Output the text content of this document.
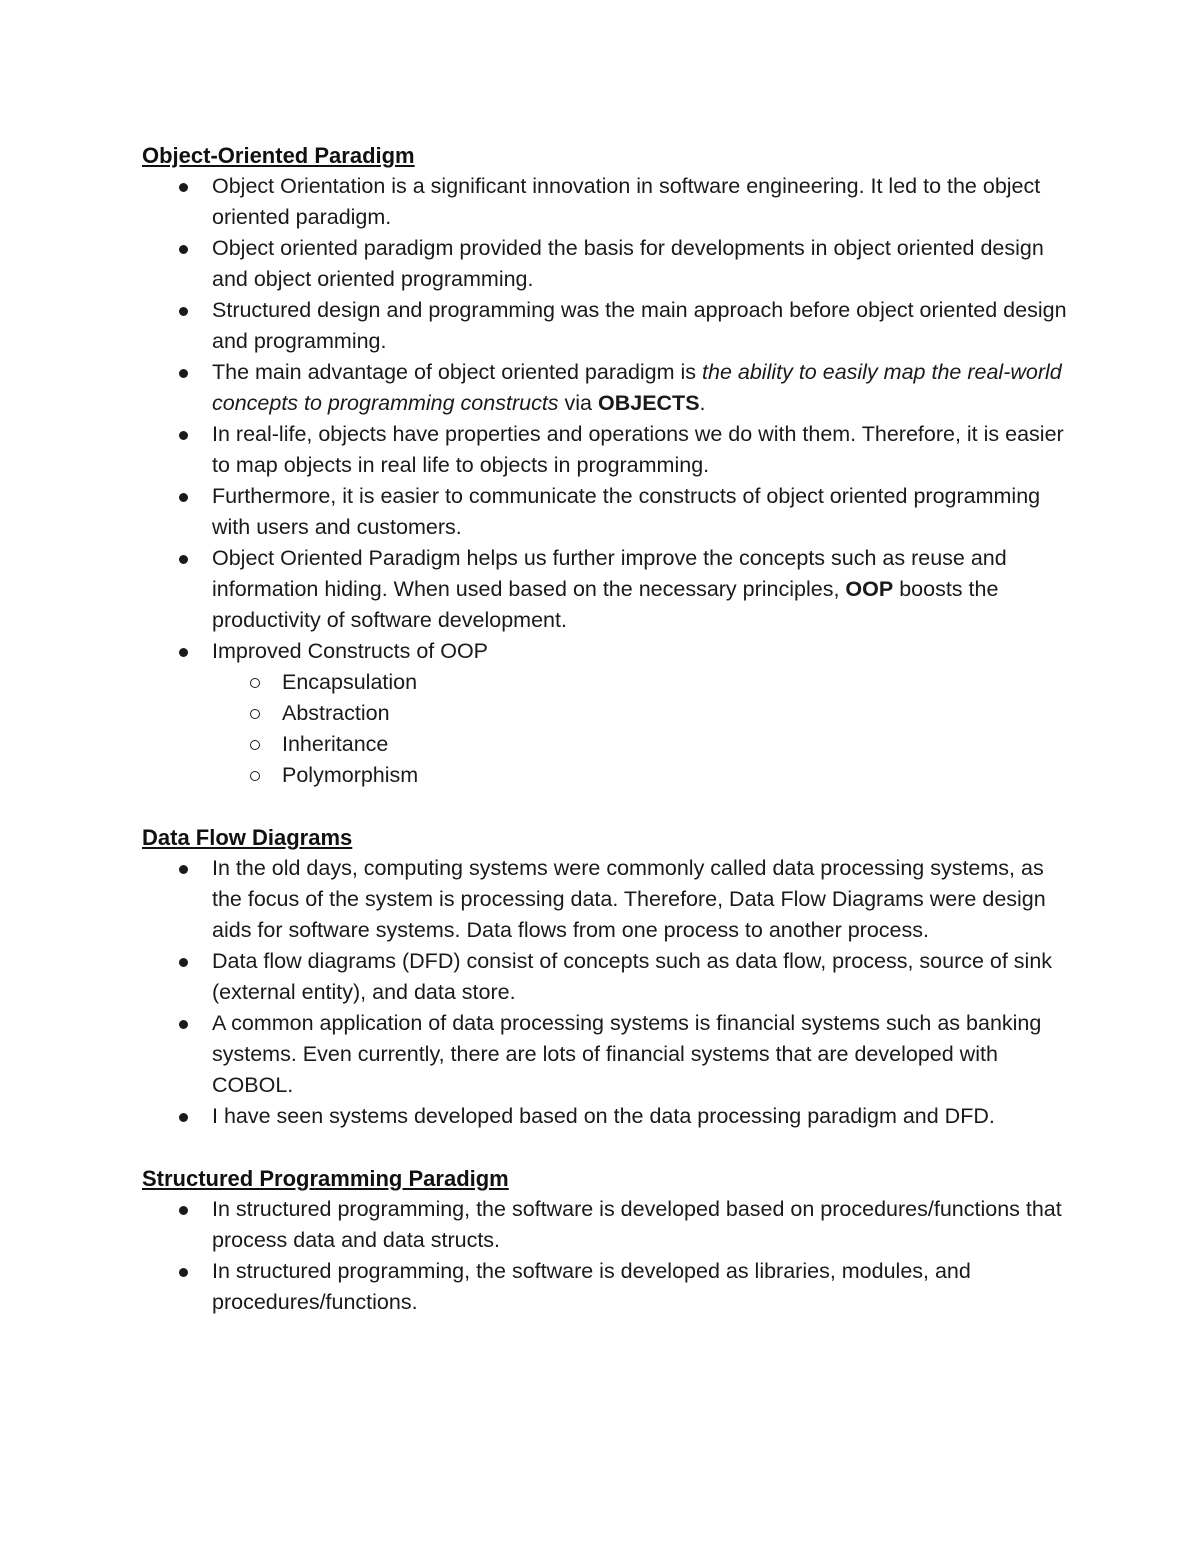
Object-Oriented Paradigm

Object Orientation is a significant innovation in software engineering. It led to the object oriented paradigm.
Object oriented paradigm provided the basis for developments in object oriented design and object oriented programming.
Structured design and programming was the main approach before object oriented design and programming.
The main advantage of object oriented paradigm is the ability to easily map the real-world concepts to programming constructs via OBJECTS.
In real-life, objects have properties and operations we do with them. Therefore, it is easier to map objects in real life to objects in programming.
Furthermore, it is easier to communicate the constructs of object oriented programming with users and customers.
Object Oriented Paradigm helps us further improve the concepts such as reuse and information hiding. When used based on the necessary principles, OOP boosts the productivity of software development.
Improved Constructs of OOP
Encapsulation
Abstraction
Inheritance
Polymorphism

Data Flow Diagrams

In the old days, computing systems were commonly called data processing systems, as the focus of the system is processing data. Therefore, Data Flow Diagrams were design aids for software systems. Data flows from one process to another process.
Data flow diagrams (DFD) consist of concepts such as data flow, process, source of sink (external entity), and data store.
A common application of data processing systems is financial systems such as banking systems. Even currently, there are lots of financial systems that are developed with COBOL.
I have seen systems developed based on the data processing paradigm and DFD.

Structured Programming Paradigm

In structured programming, the software is developed based on procedures/functions that process data and data structs.
In structured programming, the software is developed as libraries, modules, and procedures/functions.
